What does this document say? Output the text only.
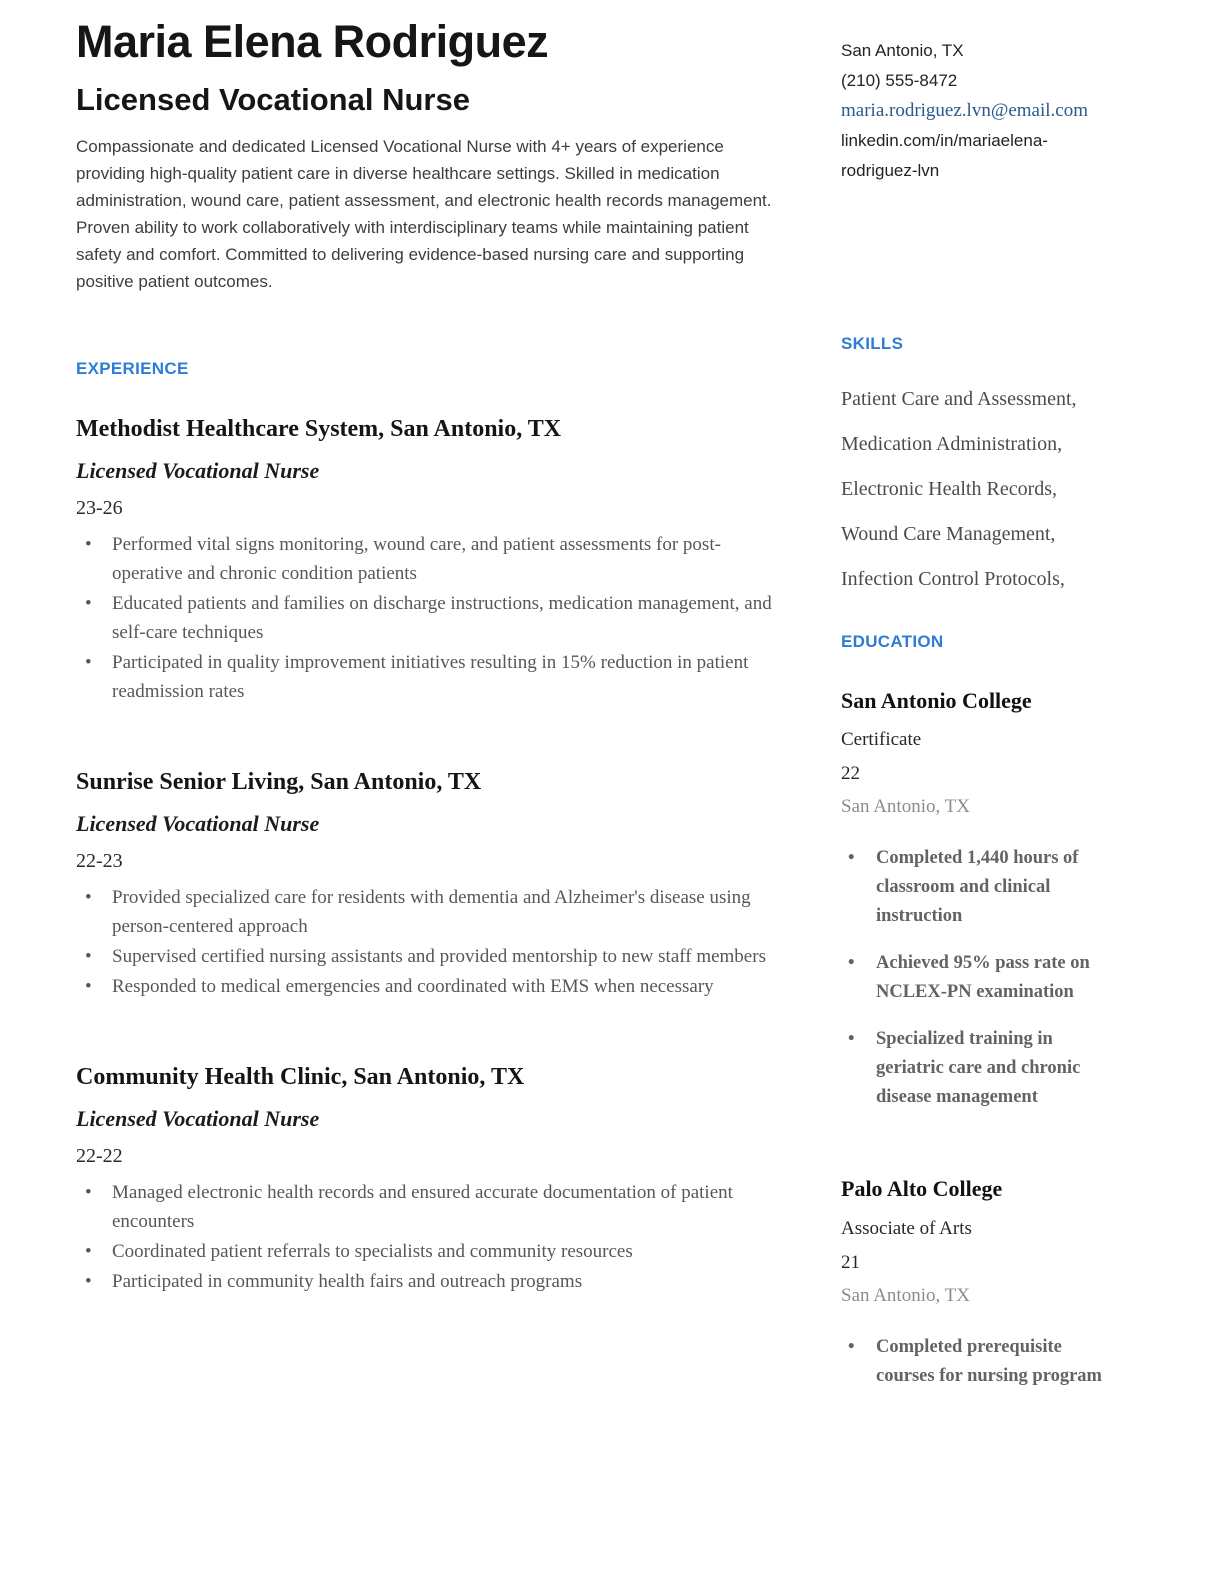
Maria Elena Rodriguez
Licensed Vocational Nurse

Compassionate and dedicated Licensed Vocational Nurse with 4+ years of experience providing high-quality patient care in diverse healthcare settings. Skilled in medication administration, wound care, patient assessment, and electronic health records management. Proven ability to work collaboratively with interdisciplinary teams while maintaining patient safety and comfort. Committed to delivering evidence-based nursing care and supporting positive patient outcomes.

EXPERIENCE
Methodist Healthcare System, San Antonio, TX
Licensed Vocational Nurse
23-26
• Performed vital signs monitoring, wound care, and patient assessments for post-operative and chronic condition patients
• Educated patients and families on discharge instructions, medication management, and self-care techniques
• Participated in quality improvement initiatives resulting in 15% reduction in patient readmission rates
Sunrise Senior Living, San Antonio, TX
Licensed Vocational Nurse
22-23
• Provided specialized care for residents with dementia and Alzheimer's disease using person-centered approach
• Supervised certified nursing assistants and provided mentorship to new staff members
• Responded to medical emergencies and coordinated with EMS when necessary
Community Health Clinic, San Antonio, TX
Licensed Vocational Nurse
22-22
• Managed electronic health records and ensured accurate documentation of patient encounters
• Coordinated patient referrals to specialists and community resources
• Participated in community health fairs and outreach programs
San Antonio, TX
(210) 555-8472
maria.rodriguez.lvn@email.com
linkedin.com/in/mariaelena-rodriguez-lvn
SKILLS
Patient Care and Assessment,
Medication Administration,
Electronic Health Records,
Wound Care Management,
Infection Control Protocols,
EDUCATION
San Antonio College
Certificate
22
San Antonio, TX
• Completed 1,440 hours of classroom and clinical instruction
• Achieved 95% pass rate on NCLEX-PN examination
• Specialized training in geriatric care and chronic disease management
Palo Alto College
Associate of Arts
21
San Antonio, TX
• Completed prerequisite courses for nursing program
